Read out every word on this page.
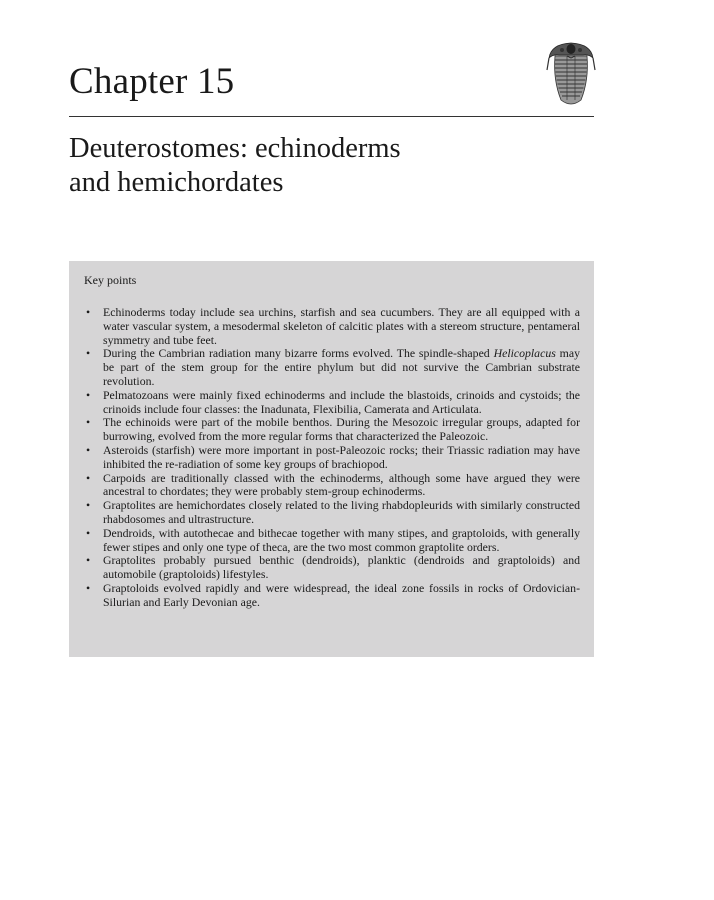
Chapter 15
Deuterostomes: echinoderms
and hemichordates

Key points

• Echinoderms today include sea urchins, starfish and sea cucumbers. They are all equipped with a water vascular system, a mesodermal skeleton of calcitic plates with a stereom structure, pentameral symmetry and tube feet.
• During the Cambrian radiation many bizarre forms evolved. The spindle-shaped Helicoplacus may be part of the stem group for the entire phylum but did not survive the Cambrian substrate revolution.
• Pelmatozoans were mainly fixed echinoderms and include the blastoids, crinoids and cystoids; the crinoids include four classes: the Inadunata, Flexibilia, Camerata and Articulata.
• The echinoids were part of the mobile benthos. During the Mesozoic irregular groups, adapted for burrowing, evolved from the more regular forms that characterized the Paleozoic.
• Asteroids (starfish) were more important in post-Paleozoic rocks; their Triassic radiation may have inhibited the re-radiation of some key groups of brachiopod.
• Carpoids are traditionally classed with the echinoderms, although some have argued they were ancestral to chordates; they were probably stem-group echinoderms.
• Graptolites are hemichordates closely related to the living rhabdopleurids with similarly constructed rhabdosomes and ultrastructure.
• Dendroids, with autothecae and bithecae together with many stipes, and graptoloids, with generally fewer stipes and only one type of theca, are the two most common graptolite orders.
• Graptolites probably pursued benthic (dendroids), planktic (dendroids and graptoloids) and automobile (graptoloids) lifestyles.
• Graptoloids evolved rapidly and were widespread, the ideal zone fossils in rocks of Ordovician-Silurian and Early Devonian age.
